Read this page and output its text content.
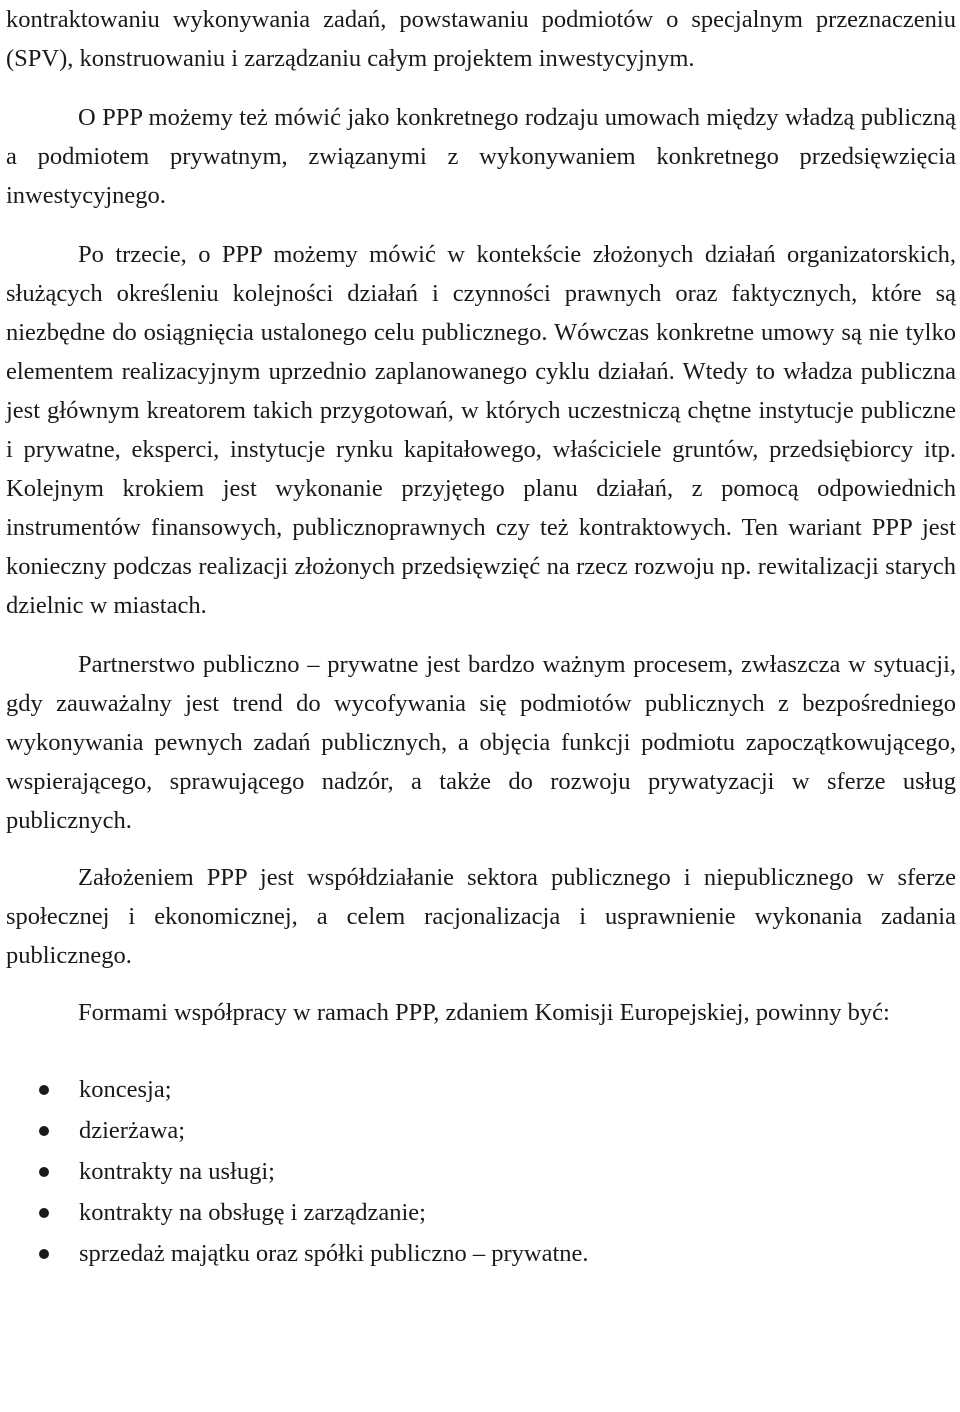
kontraktowaniu wykonywania zadań, powstawaniu podmiotów o specjalnym przeznaczeniu (SPV), konstruowaniu i zarządzaniu całym projektem inwestycyjnym.

O PPP możemy też mówić jako konkretnego rodzaju umowach między władzą publiczną a podmiotem prywatnym, związanymi z wykonywaniem konkretnego przedsięwzięcia inwestycyjnego.

Po trzecie, o PPP możemy mówić w kontekście złożonych działań organizatorskich, służących określeniu kolejności działań i czynności prawnych oraz faktycznych, które są niezbędne do osiągnięcia ustalonego celu publicznego. Wówczas konkretne umowy są nie tylko elementem realizacyjnym uprzednio zaplanowanego cyklu działań. Wtedy to władza publiczna jest głównym kreatorem takich przygotowań, w których uczestniczą chętne instytucje publiczne i prywatne, eksperci, instytucje rynku kapitałowego, właściciele gruntów, przedsiębiorcy itp. Kolejnym krokiem jest wykonanie przyjętego planu działań, z pomocą odpowiednich instrumentów finansowych, publicznoprawnych czy też kontraktowych. Ten wariant PPP jest konieczny podczas realizacji złożonych przedsięwzięć na rzecz rozwoju np. rewitalizacji starych dzielnic w miastach.

Partnerstwo publiczno – prywatne jest bardzo ważnym procesem, zwłaszcza w sytuacji, gdy zauważalny jest trend do wycofywania się podmiotów publicznych z bezpośredniego wykonywania pewnych zadań publicznych, a objęcia funkcji podmiotu zapoczątkowującego, wspierającego, sprawującego nadzór, a także do rozwoju prywatyzacji w sferze usług publicznych.

Założeniem PPP jest współdziałanie sektora publicznego i niepublicznego w sferze społecznej i ekonomicznej, a celem racjonalizacja i usprawnienie wykonania zadania publicznego.

Formami współpracy w ramach PPP, zdaniem Komisji Europejskiej, powinny być:

koncesja;
dzierżawa;
kontrakty na usługi;
kontrakty na obsługę i zarządzanie;
sprzedaż majątku oraz spółki publiczno – prywatne.
